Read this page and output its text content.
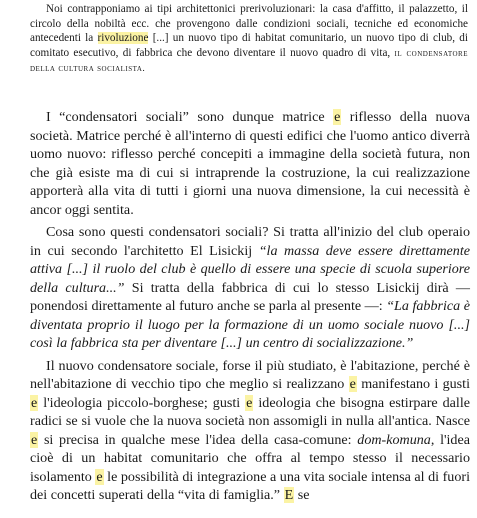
Noi contrapponiamo ai tipi architettonici prerivoluzionari: la casa d'affitto, il palazzetto, il circolo della nobiltà ecc. che provengono dalle condizioni sociali, tecniche ed economiche antecedenti la rivoluzione [...] un nuovo tipo di habitat comunitario, un nuovo tipo di club, di comitato esecutivo, di fabbrica che devono diventare il nuovo quadro di vita, il condensatore della cultura socialista.

I “condensatori sociali” sono dunque matrice e riflesso della nuova società. Matrice perché è all'interno di questi edifici che l'uomo antico diverrà uomo nuovo: riflesso perché concepiti a immagine della società futura, non che già esiste ma di cui si intraprende la costruzione, la cui realizzazione apporterà alla vita di tutti i giorni una nuova dimensione, la cui necessità è ancor oggi sentita.

Cosa sono questi condensatori sociali? Si tratta all'inizio del club operaio in cui secondo l'architetto El Lisickij “la massa deve essere direttamente attiva [...] il ruolo del club è quello di essere una specie di scuola superiore della cultura...” Si tratta della fabbrica di cui lo stesso Lisickij dirà — ponendosi direttamente al futuro anche se parla al presente —: “La fabbrica è diventata proprio il luogo per la formazione di un uomo sociale nuovo [...] così la fabbrica sta per diventare [...] un centro di socializzazione.”

Il nuovo condensatore sociale, forse il più studiato, è l'abitazione, perché è nell'abitazione di vecchio tipo che meglio si realizzano e manifestano i gusti e l'ideologia piccolo-borghese; gusti e ideologia che bisogna estirpare dalle radici se si vuole che la nuova società non assomigli in nulla all'antica. Nasce e si precisa in qualche mese l'idea della casa-comune: dom-komuna, l'idea cioè di un habitat comunitario che offra al tempo stesso il necessario isolamento e le possibilità di integrazione a una vita sociale intensa al di fuori dei concetti superati della “vita di famiglia.” E se
